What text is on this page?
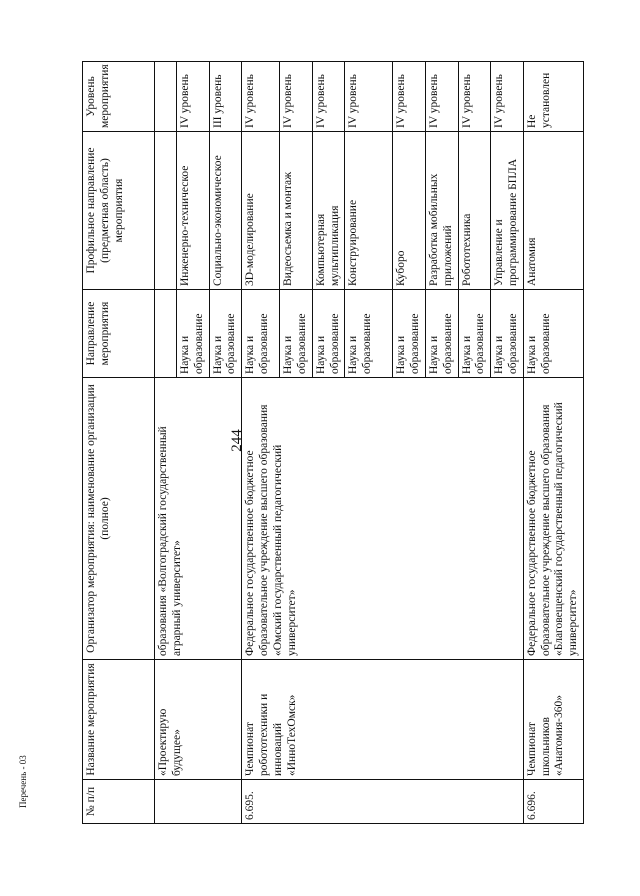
244
Перечень - 03	№ п/п	Название мероприятия	Организатор мероприятия: наименование организации (полное)	Направление мероприятия	Профильное направление (предметная область) мероприятия	Уровень мероприятия
	«Проектирую будущее»	образования «Волгоградский государственный аграрный университет»			
			Наука и образование	Инженерно-техническое	IV уровень
			Наука и образование	Социально-экономическое	III уровень
6.695.	Чемпионат робототехники и инноваций «ИнноТехОмск»	Федеральное государственное бюджетное образовательное учреждение высшего образования «Омский государственный педагогический университет»	Наука и образование	3D-моделирование	IV уровень
			Наука и образование	Видеосъемка и монтаж	IV уровень
			Наука и образование	Компьютерная мультипликация	IV уровень
			Наука и образование	Конструирование	IV уровень
			Наука и образование	Куборо	IV уровень
			Наука и образование	Разработка мобильных приложений	IV уровень
			Наука и образование	Робототехника	IV уровень
			Наука и образование	Управление и программирование БПЛА	IV уровень
6.696.	Чемпионат школьников «Анатомия-360»	Федеральное государственное бюджетное образовательное учреждение высшего образования «Благовещенский государственный педагогический университет»	Наука и образование	Анатомия	Не установлен
